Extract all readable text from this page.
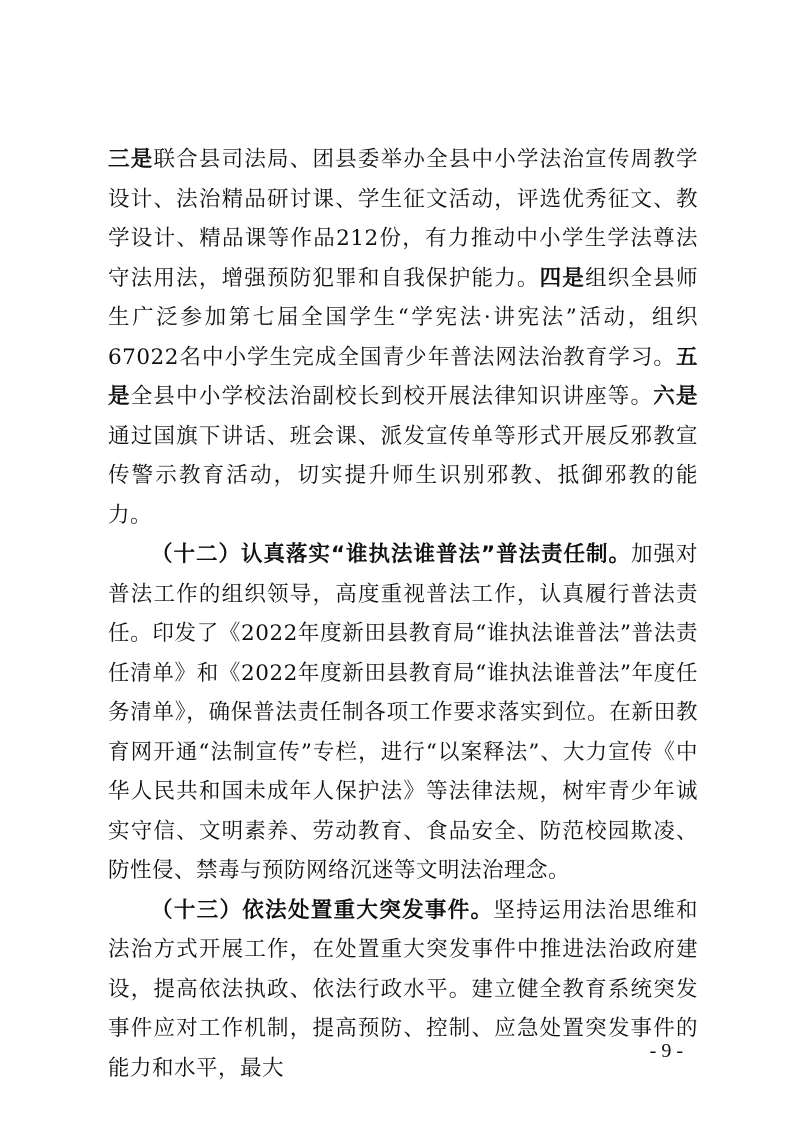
三是联合县司法局、团县委举办全县中小学法治宣传周教学设计、法治精品研讨课、学生征文活动，评选优秀征文、教学设计、精品课等作品212份，有力推动中小学生学法尊法守法用法，增强预防犯罪和自我保护能力。四是组织全县师生广泛参加第七届全国学生“学宪法·讲宪法”活动，组织67022名中小学生完成全国青少年普法网法治教育学习。五是全县中小学校法治副校长到校开展法律知识讲座等。六是通过国旗下讲话、班会课、派发宣传单等形式开展反邪教宣传警示教育活动，切实提升师生识别邪教、抵御邪教的能力。

（十二）认真落实“谁执法谁普法”普法责任制。加强对普法工作的组织领导，高度重视普法工作，认真履行普法责任。印发了《2022年度新田县教育局“谁执法谁普法”普法责任清单》和《2022年度新田县教育局“谁执法谁普法”年度任务清单》，确保普法责任制各项工作要求落实到位。在新田教育网开通“法制宣传”专栏，进行“以案释法”、大力宣传《中华人民共和国未成年人保护法》等法律法规，树牢青少年诚实守信、文明素养、劳动教育、食品安全、防范校园欺凌、防性侵、禁毒与预防网络沉迷等文明法治理念。

（十三）依法处置重大突发事件。坚持运用法治思维和法治方式开展工作，在处置重大突发事件中推进法治政府建设，提高依法执政、依法行政水平。建立健全教育系统突发事件应对工作机制，提高预防、控制、应急处置突发事件的能力和水平，最大

- 9 -
